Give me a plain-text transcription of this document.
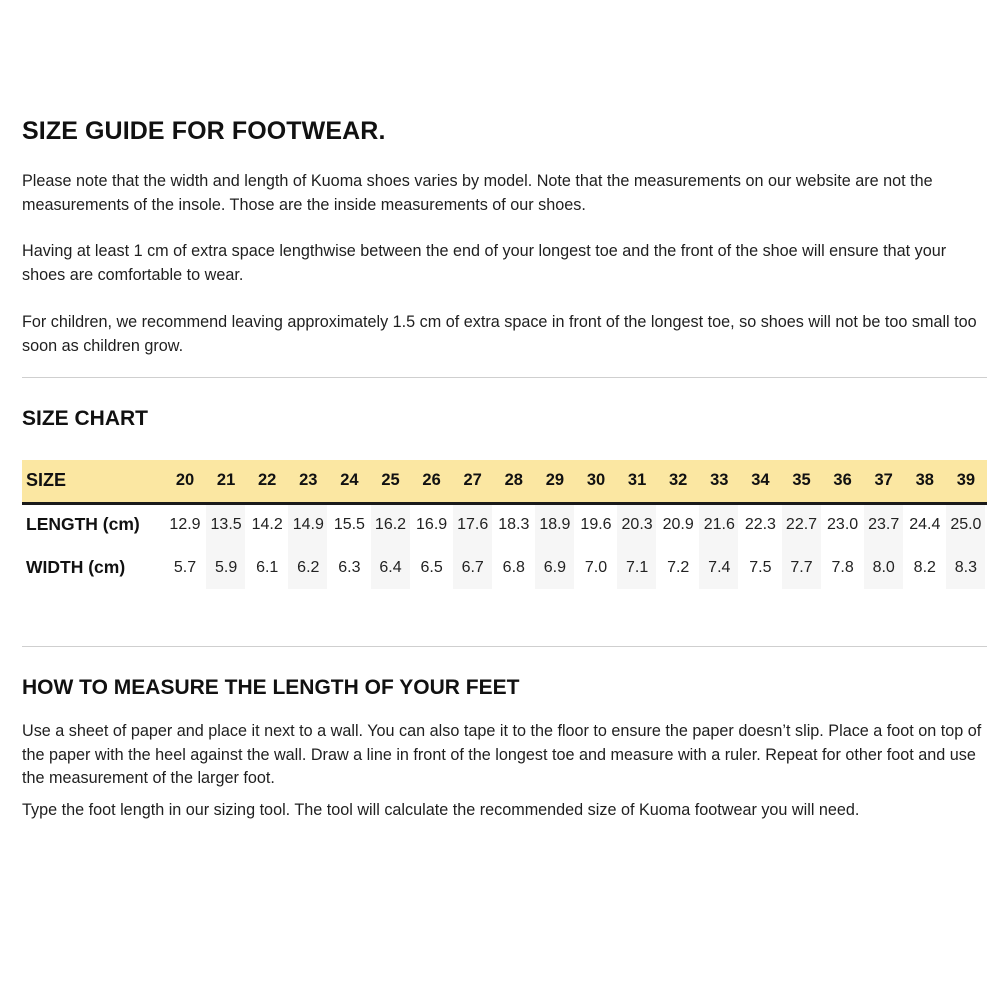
SIZE GUIDE FOR FOOTWEAR.

Please note that the width and length of Kuoma shoes varies by model. Note that the measurements on our website are not the measurements of the insole. Those are the inside measurements of our shoes.

Having at least 1 cm of extra space lengthwise between the end of your longest toe and the front of the shoe will ensure that your shoes are comfortable to wear.

For children, we recommend leaving approximately 1.5 cm of extra space in front of the longest toe, so shoes will not be too small too soon as children grow.

SIZE CHART
SIZE
LENGTH (cm)
WIDTH (cm)
20
12.9
5.7
21
13.5
5.9
22
14.2
6.1
23
14.9
6.2
24
15.5
6.3
25
16.2
6.4
26
16.9
6.5
27
17.6
6.7
28
18.3
6.8
29
18.9
6.9
30
19.6
7.0
31
20.3
7.1
32
20.9
7.2
33
21.6
7.4
34
22.3
7.5
35
22.7
7.7
36
23.0
7.8
37
23.7
8.0
38
24.4
8.2
39
25.0
8.3
HOW TO MEASURE THE LENGTH OF YOUR FEET

Use a sheet of paper and place it next to a wall. You can also tape it to the floor to ensure the paper doesn’t slip. Place a foot on top of the paper with the heel against the wall. Draw a line in front of the longest toe and measure with a ruler. Repeat for other foot and use the measurement of the larger foot.

Type the foot length in our sizing tool. The tool will calculate the recommended size of Kuoma footwear you will need.
